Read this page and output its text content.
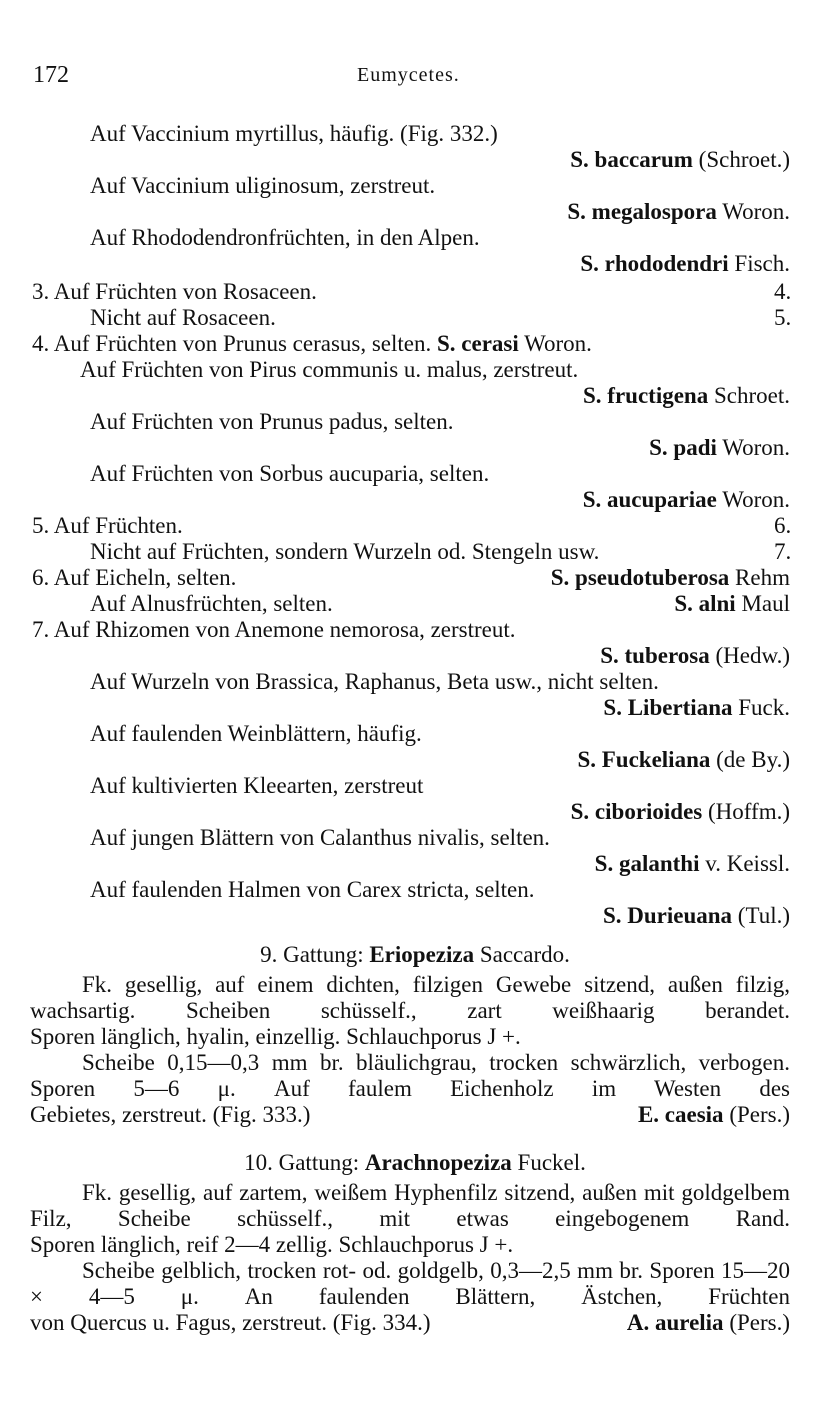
172	Eumycetes.
Auf Vaccinium myrtillus, häufig. (Fig. 332.)
S. baccarum (Schroet.)
Auf Vaccinium uliginosum, zerstreut.
S. megalospora Woron.
Auf Rhododendronfrüchten, in den Alpen.
S. rhododendri Fisch.
3. Auf Früchten von Rosaceen.	4.
Nicht auf Rosaceen.	5.
4. Auf Früchten von Prunus cerasus, selten. S. cerasi Woron.
Auf Früchten von Pirus communis u. malus, zerstreut.
S. fructigena Schroet.
Auf Früchten von Prunus padus, selten.
S. padi Woron.
Auf Früchten von Sorbus aucuparia, selten.
S. aucupariae Woron.
5. Auf Früchten.	6.
Nicht auf Früchten, sondern Wurzeln od. Stengeln usw.	7.
6. Auf Eicheln, selten.	S. pseudotuberosa Rehm
Auf Alnusfrüchten, selten.	S. alni Maul
7. Auf Rhizomen von Anemone nemorosa, zerstreut.
S. tuberosa (Hedw.)
Auf Wurzeln von Brassica, Raphanus, Beta usw., nicht selten.
S. Libertiana Fuck.
Auf faulenden Weinblättern, häufig.
S. Fuckeliana (de By.)
Auf kultivierten Kleearten, zerstreut
S. ciborioides (Hoffm.)
Auf jungen Blättern von Calanthus nivalis, selten.
S. galanthi v. Keissl.
Auf faulenden Halmen von Carex stricta, selten.
S. Durieuana (Tul.)
9. Gattung: Eriopeziza Saccardo.
Fk. gesellig, auf einem dichten, filzigen Gewebe sitzend, außen filzig, wachsartig. Scheiben schüsself., zart weißhaarig berandet.
Sporen länglich, hyalin, einzellig. Schlauchporus J +.
Scheibe 0,15—0,3 mm br. bläulichgrau, trocken schwärzlich, verbogen. Sporen 5—6 μ. Auf faulem Eichenholz im Westen des
Gebietes, zerstreut. (Fig. 333.)	E. caesia (Pers.)
10. Gattung: Arachnopeziza Fuckel.
Fk. gesellig, auf zartem, weißem Hyphenfilz sitzend, außen mit goldgelbem Filz, Scheibe schüsself., mit etwas eingebogenem Rand.
Sporen länglich, reif 2—4 zellig. Schlauchporus J +.
Scheibe gelblich, trocken rot- od. goldgelb, 0,3—2,5 mm br. Sporen 15—20 × 4—5 μ. An faulenden Blättern, Ästchen, Früchten
von Quercus u. Fagus, zerstreut. (Fig. 334.)	A. aurelia (Pers.)
